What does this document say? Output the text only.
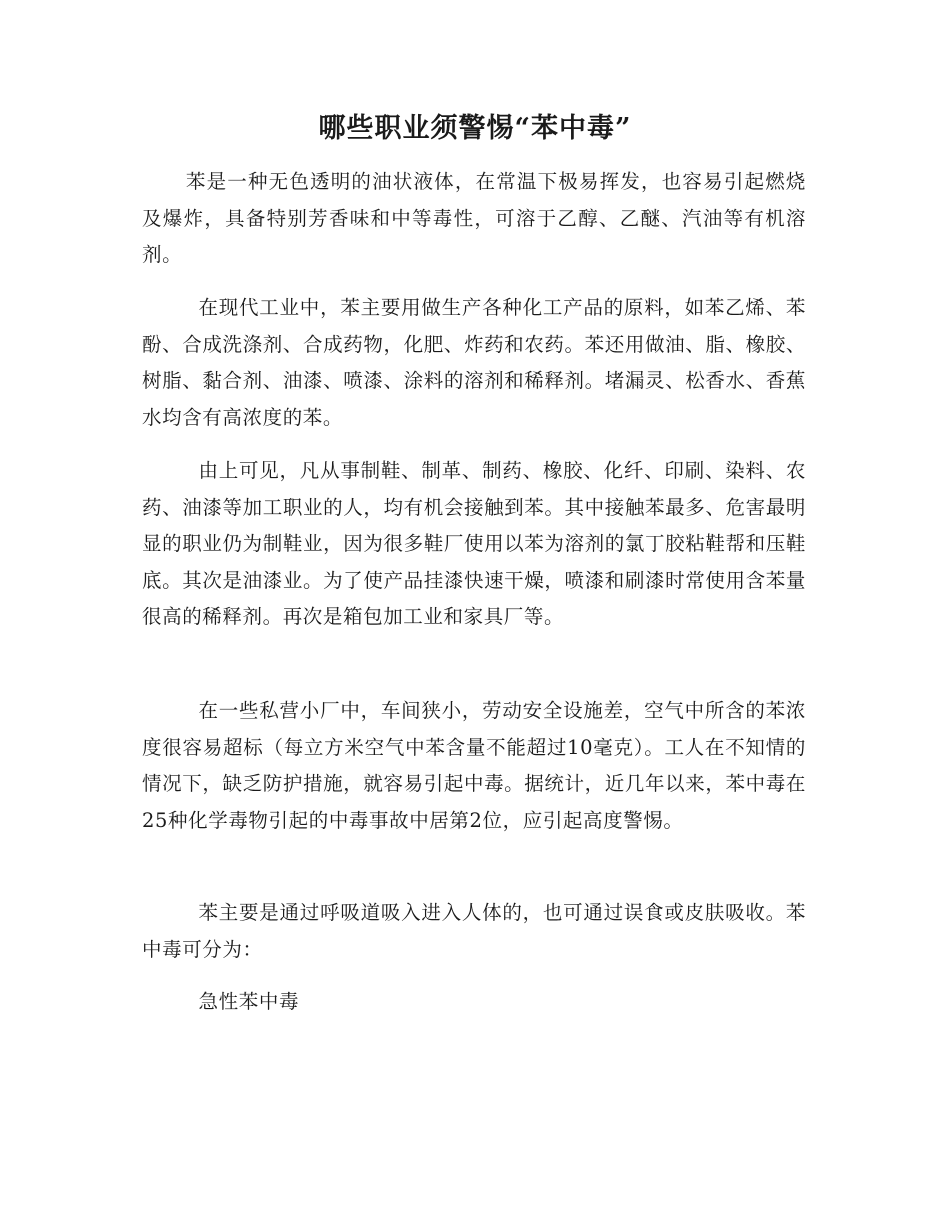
哪些职业须警惕“苯中毒”

苯是一种无色透明的油状液体，在常温下极易挥发，也容易引起燃烧及爆炸，具备特别芳香味和中等毒性，可溶于乙醇、乙醚、汽油等有机溶剂。

在现代工业中，苯主要用做生产各种化工产品的原料，如苯乙烯、苯酚、合成洗涤剂、合成药物，化肥、炸药和农药。苯还用做油、脂、橡胶、树脂、黏合剂、油漆、喷漆、涂料的溶剂和稀释剂。堵漏灵、松香水、香蕉水均含有高浓度的苯。

由上可见，凡从事制鞋、制革、制药、橡胶、化纤、印刷、染料、农药、油漆等加工职业的人，均有机会接触到苯。其中接触苯最多、危害最明显的职业仍为制鞋业，因为很多鞋厂使用以苯为溶剂的氯丁胶粘鞋帮和压鞋底。其次是油漆业。为了使产品挂漆快速干燥，喷漆和刷漆时常使用含苯量很高的稀释剂。再次是箱包加工业和家具厂等。

在一些私营小厂中，车间狭小，劳动安全设施差，空气中所含的苯浓度很容易超标（每立方米空气中苯含量不能超过10毫克）。工人在不知情的情况下，缺乏防护措施，就容易引起中毒。据统计，近几年以来，苯中毒在25种化学毒物引起的中毒事故中居第2位，应引起高度警惕。

苯主要是通过呼吸道吸入进入人体的，也可通过误食或皮肤吸收。苯中毒可分为：

急性苯中毒
